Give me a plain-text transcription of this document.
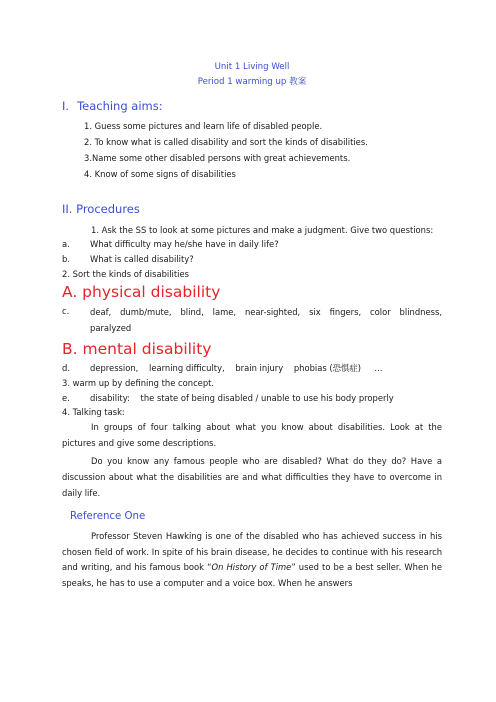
Unit 1 Living Well
Period 1 warming up 教案
I. Teaching aims:
1. Guess some pictures and learn life of disabled people.
2. To know what is called disability and sort the kinds of disabilities.
3.Name some other disabled persons with great achievements.
4. Know of some signs of disabilities
II. Procedures
1. Ask the SS to look at some pictures and make a judgment. Give two questions:
a.	What difficulty may he/she have in daily life?
b.	What is called disability?
2. Sort the kinds of disabilities
A. physical disability
c.	deaf, dumb/mute, blind, lame, near-sighted, six fingers, color blindness, paralyzed
B. mental disability
d.	depression,    learning difficulty,    brain injury    phobias (恐惧症)     ...
3. warm up by defining the concept.
e.	disability:    the state of being disabled / unable to use his body properly
4. Talking task:
In groups of four talking about what you know about disabilities. Look at the pictures and give some descriptions.
Do you know any famous people who are disabled? What do they do? Have a discussion about what the disabilities are and what difficulties they have to overcome in daily life.
Reference One
Professor Steven Hawking is one of the disabled who has achieved success in his chosen field of work. In spite of his brain disease, he decides to continue with his research and writing, and his famous book “On History of Time” used to be a best seller. When he speaks, he has to use a computer and a voice box. When he answers
